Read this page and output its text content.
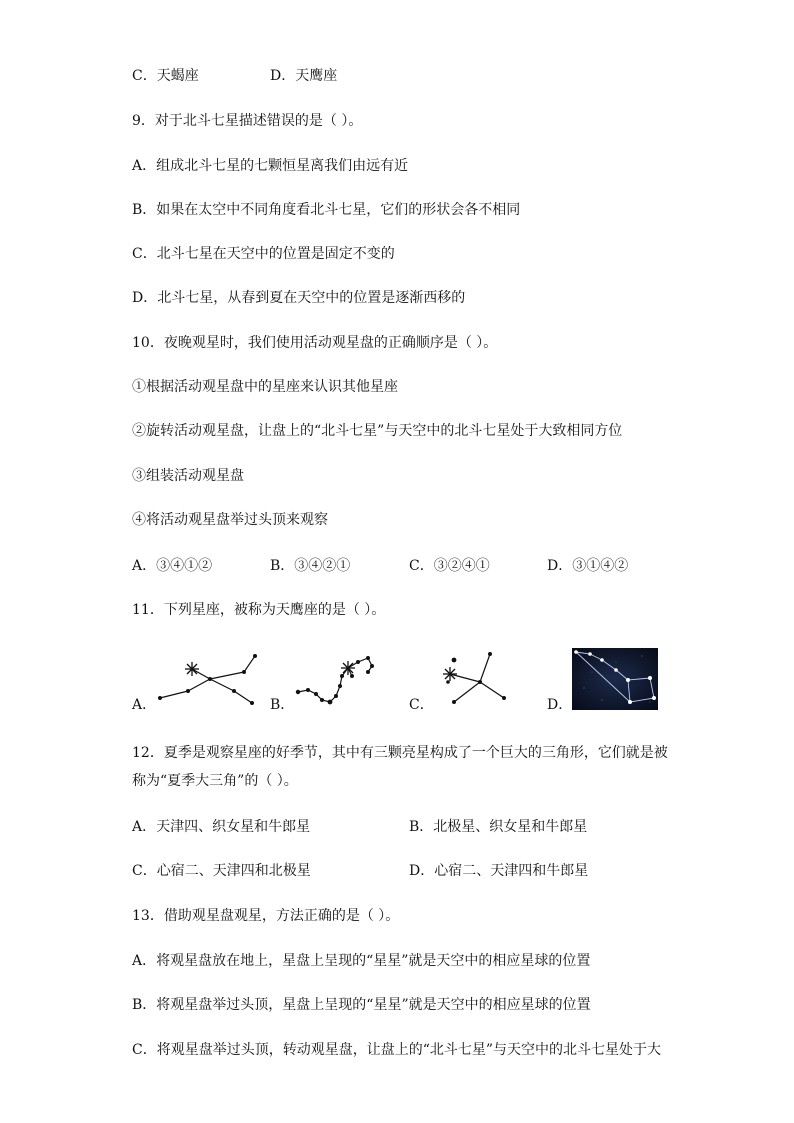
C．天蝎座	D．天鹰座
9．对于北斗七星描述错误的是（ ）。
A．组成北斗七星的七颗恒星离我们由远有近
B．如果在太空中不同角度看北斗七星，它们的形状会各不相同
C．北斗七星在天空中的位置是固定不变的
D．北斗七星，从春到夏在天空中的位置是逐渐西移的
10．夜晚观星时，我们使用活动观星盘的正确顺序是（ ）。
①根据活动观星盘中的星座来认识其他星座
②旋转活动观星盘，让盘上的“北斗七星”与天空中的北斗七星处于大致相同方位
③组装活动观星盘
④将活动观星盘举过头顶来观察
A．③④①②	B．③④②①	C．③②④①	D．③①④②
11．下列星座，被称为天鹰座的是（ ）。
A．	B．	C．	D．
12．夏季是观察星座的好季节，其中有三颗亮星构成了一个巨大的三角形，它们就是被
称为“夏季大三角”的（ ）。
A．天津四、织女星和牛郎星	B．北极星、织女星和牛郎星
C．心宿二、天津四和北极星	D．心宿二、天津四和牛郎星
13．借助观星盘观星，方法正确的是（ ）。
A．将观星盘放在地上，星盘上呈现的“星星”就是天空中的相应星球的位置
B．将观星盘举过头顶，星盘上呈现的“星星”就是天空中的相应星球的位置
C．将观星盘举过头顶，转动观星盘，让盘上的“北斗七星”与天空中的北斗七星处于大
